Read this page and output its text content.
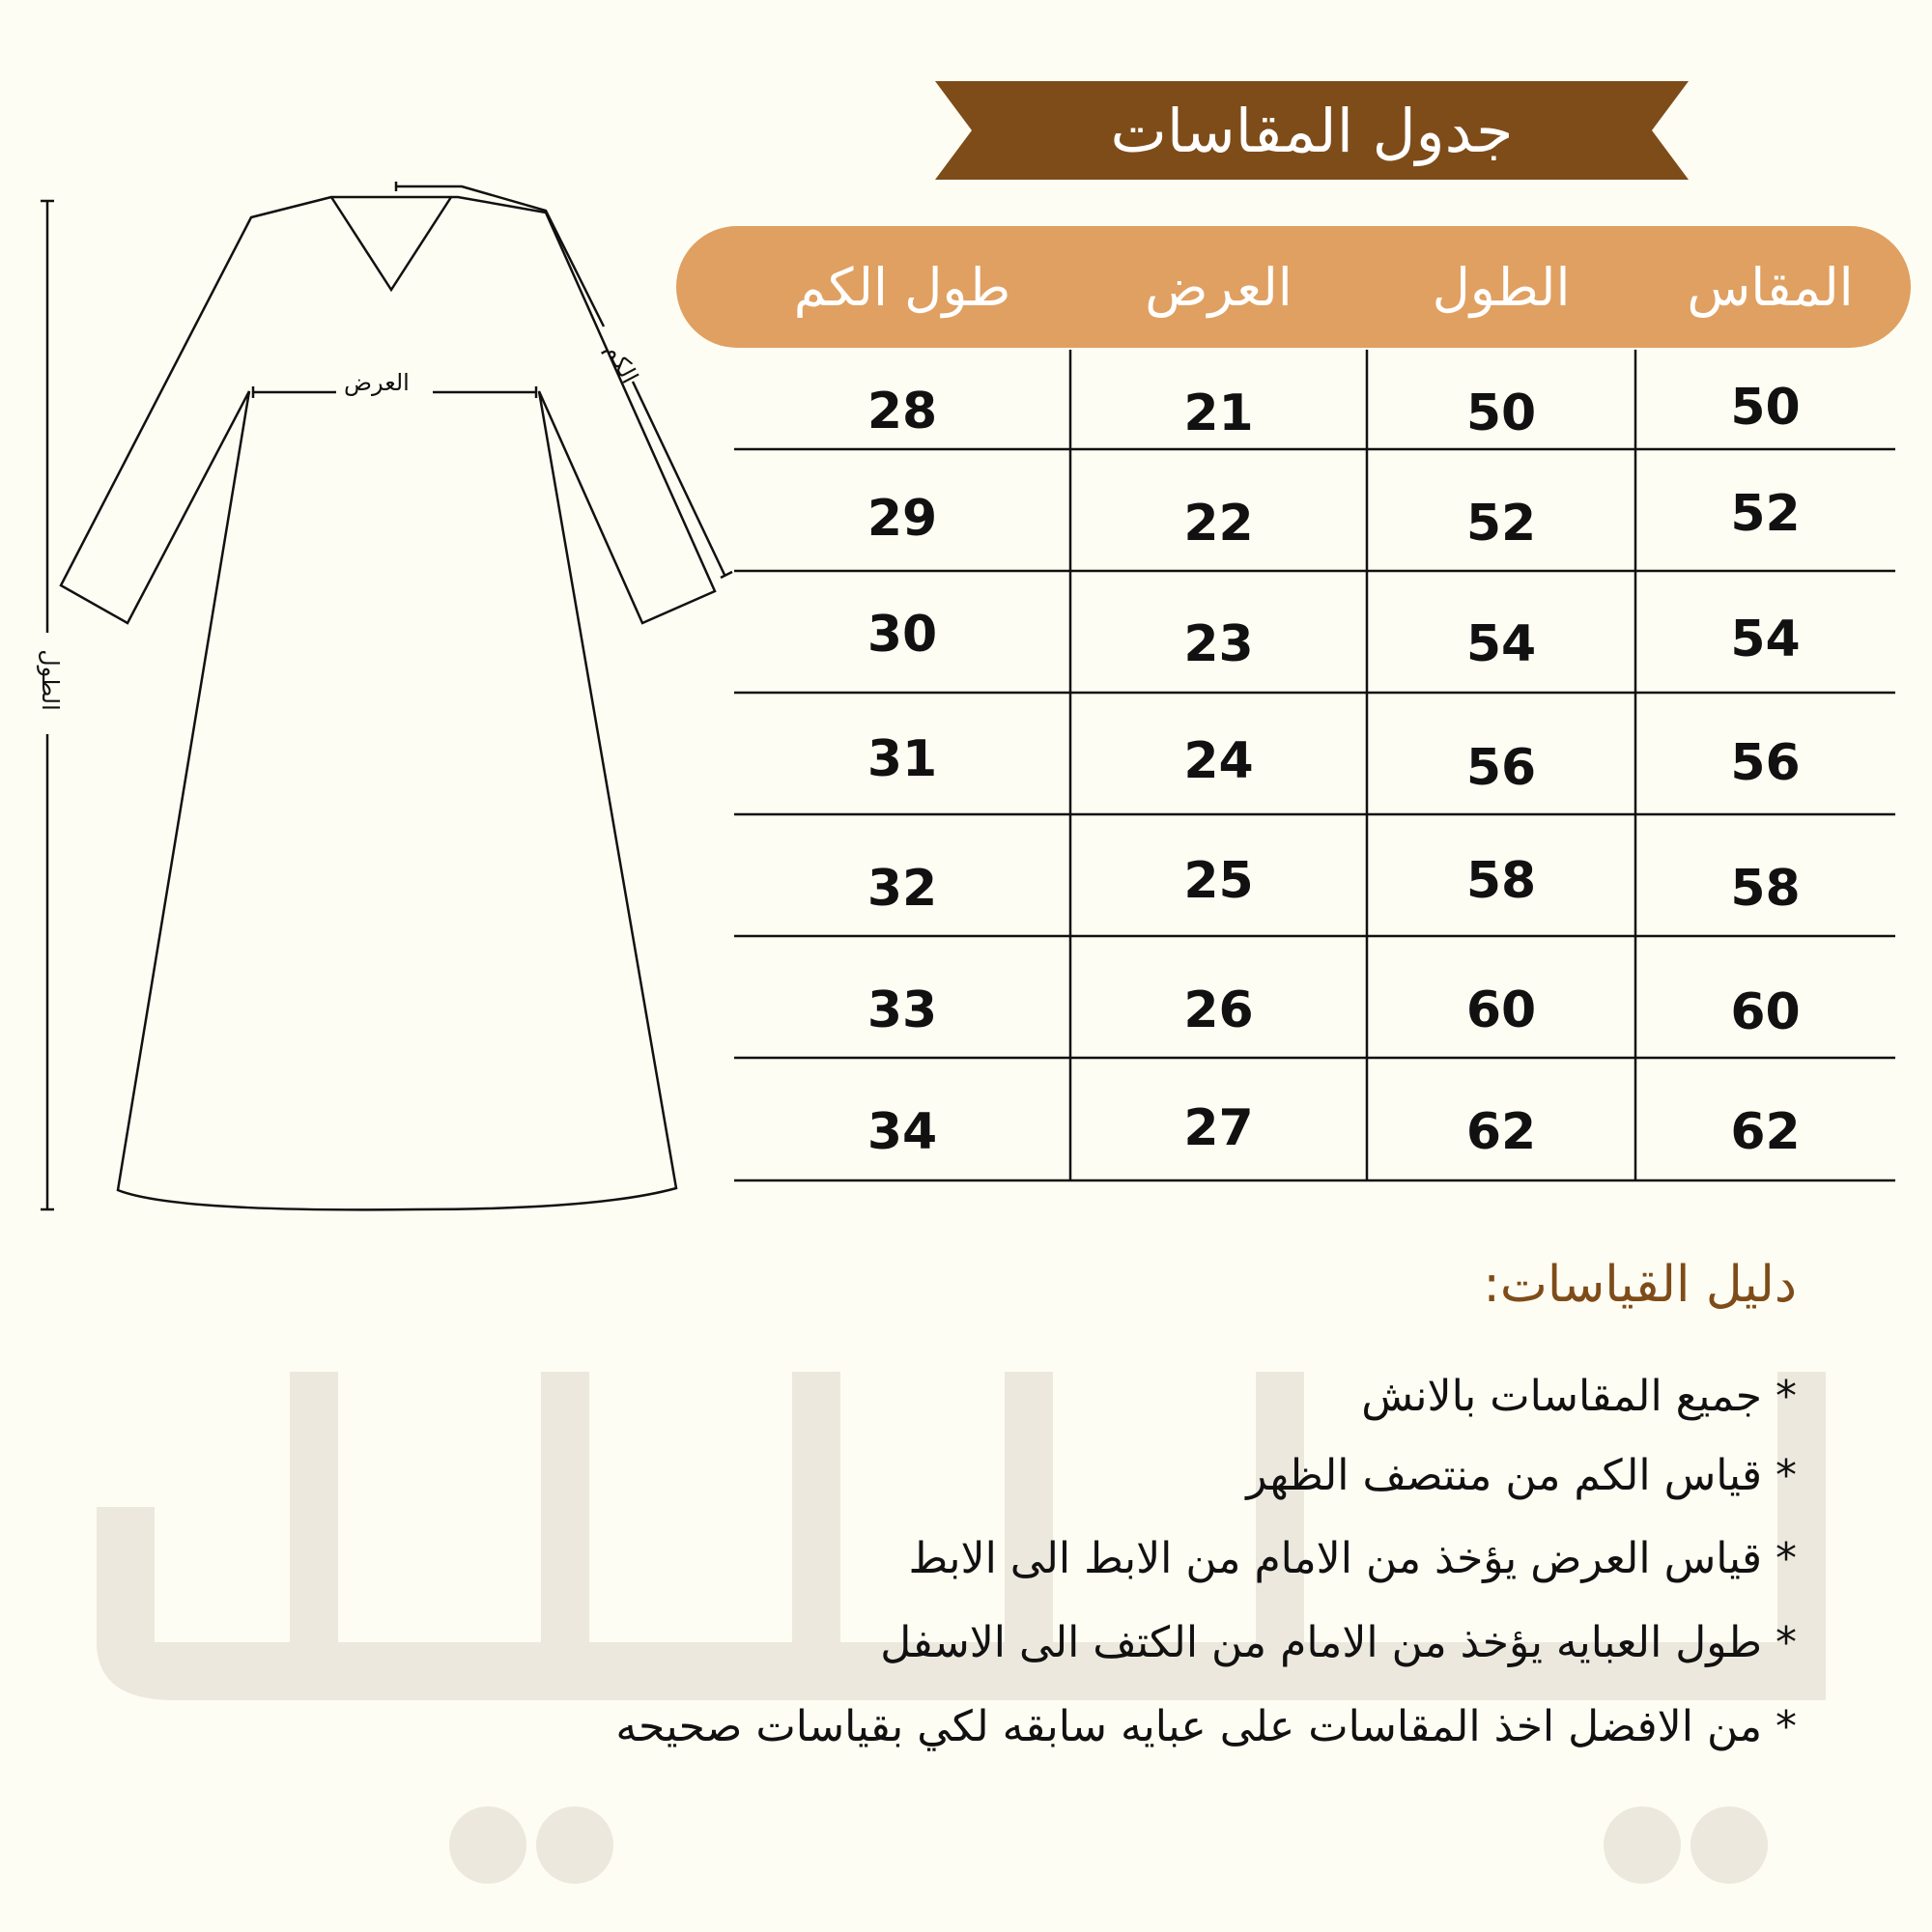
العرض	الكم
الطول
جدول المقاسات
المقاس
الطول
العرض
طول الكم
50
50
21
28
52
52
22
29
54
54
23
30
56
56
24
31
58
58
25
32
60
60
26
33
62
62
27
34
دليل القياسات:
* جميع المقاسات بالانش
* قياس الكم من منتصف الظهر
* قياس العرض يؤخذ من الامام من الابط الى الابط
* طول العبايه يؤخذ من الامام من الكتف الى الاسفل
* من الافضل اخذ المقاسات على عبايه سابقه لكي بقياسات صحيحه
